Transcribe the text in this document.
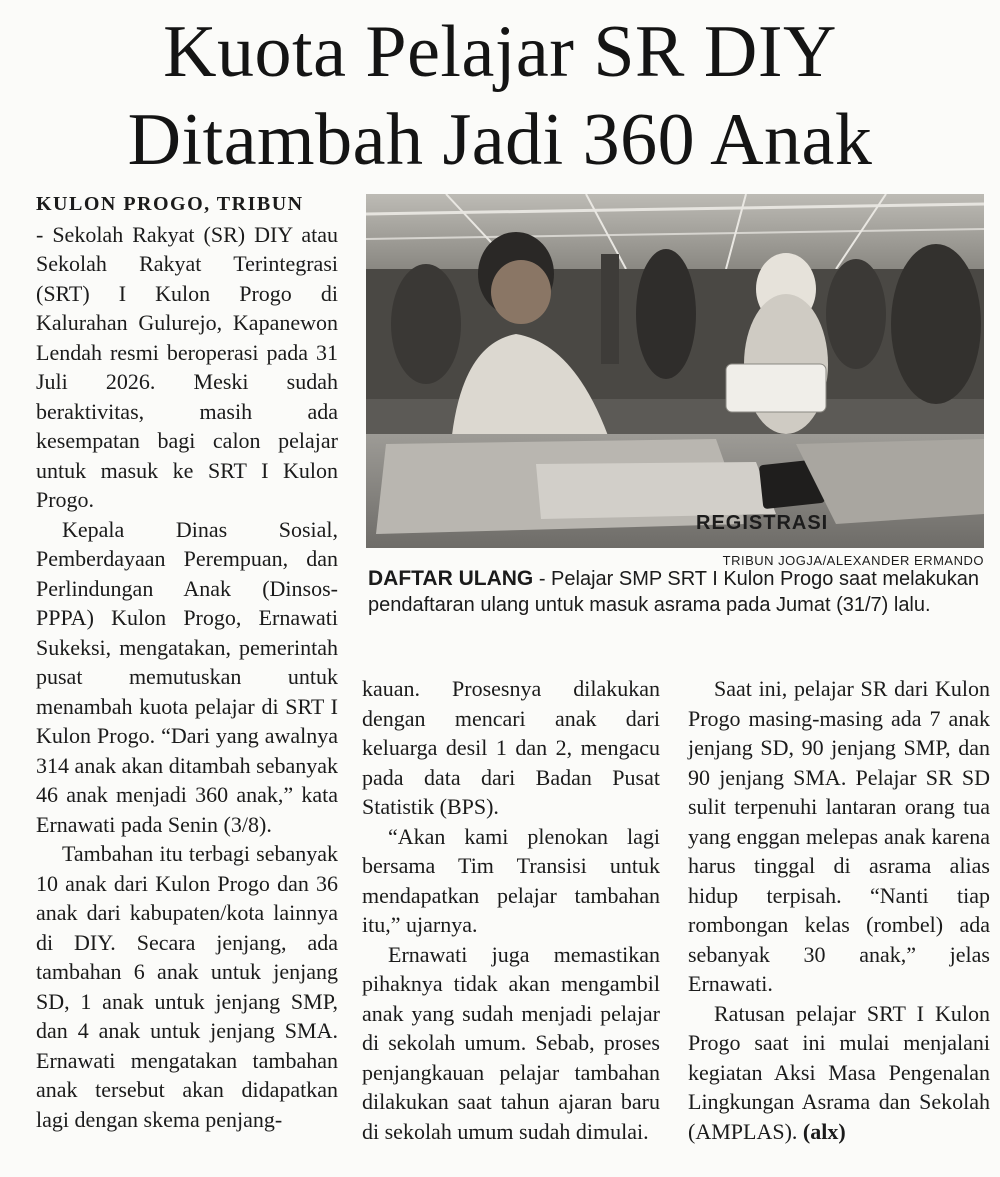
Kuota Pelajar SR DIY
Ditambah Jadi 360 Anak
KULON PROGO, TRIBUN

- Sekolah Rakyat (SR) DIY atau Sekolah Rakyat Terintegrasi (SRT) I Kulon Progo di Kalurahan Gulurejo, Kapanewon Lendah resmi beroperasi pada 31 Juli 2026. Meski sudah beraktivitas, masih ada kesempatan bagi calon pelajar untuk masuk ke SRT I Kulon Progo.

Kepala Dinas Sosial, Pemberdayaan Perempuan, dan Perlindungan Anak (Dinsos-PPPA) Kulon Progo, Ernawati Sukeksi, mengatakan, pemerintah pusat memutuskan untuk menambah kuota pelajar di SRT I Kulon Progo. “Dari yang awalnya 314 anak akan ditambah sebanyak 46 anak menjadi 360 anak,” kata Ernawati pada Senin (3/8).

Tambahan itu terbagi sebanyak 10 anak dari Kulon Progo dan 36 anak dari kabupaten/kota lainnya di DIY. Secara jenjang, ada tambahan 6 anak untuk jenjang SD, 1 anak untuk jenjang SMP, dan 4 anak untuk jenjang SMA. Ernawati mengatakan tambahan anak tersebut akan didapatkan lagi dengan skema penjang-

REGISTRASI
TRIBUN JOGJA/ALEXANDER ERMANDO
DAFTAR ULANG - Pelajar SMP SRT I Kulon Progo saat melakukan pendaftaran ulang untuk masuk asrama pada Jumat (31/7) lalu.

kauan. Prosesnya dilakukan dengan mencari anak dari keluarga desil 1 dan 2, mengacu pada data dari Badan Pusat Statistik (BPS).

“Akan kami plenokan lagi bersama Tim Transisi untuk mendapatkan pelajar tambahan itu,” ujarnya.

Ernawati juga memastikan pihaknya tidak akan mengambil anak yang sudah menjadi pelajar di sekolah umum. Sebab, proses penjangkauan pelajar tambahan dilakukan saat tahun ajaran baru di sekolah umum sudah dimulai.

Saat ini, pelajar SR dari Kulon Progo masing-masing ada 7 anak jenjang SD, 90 jenjang SMP, dan 90 jenjang SMA. Pelajar SR SD sulit terpenuhi lantaran orang tua yang enggan melepas anak karena harus tinggal di asrama alias hidup terpisah. “Nanti tiap rombongan kelas (rombel) ada sebanyak 30 anak,” jelas Ernawati.

Ratusan pelajar SRT I Kulon Progo saat ini mulai menjalani kegiatan Aksi Masa Pengenalan Lingkungan Asrama dan Sekolah (AMPLAS). (alx)
